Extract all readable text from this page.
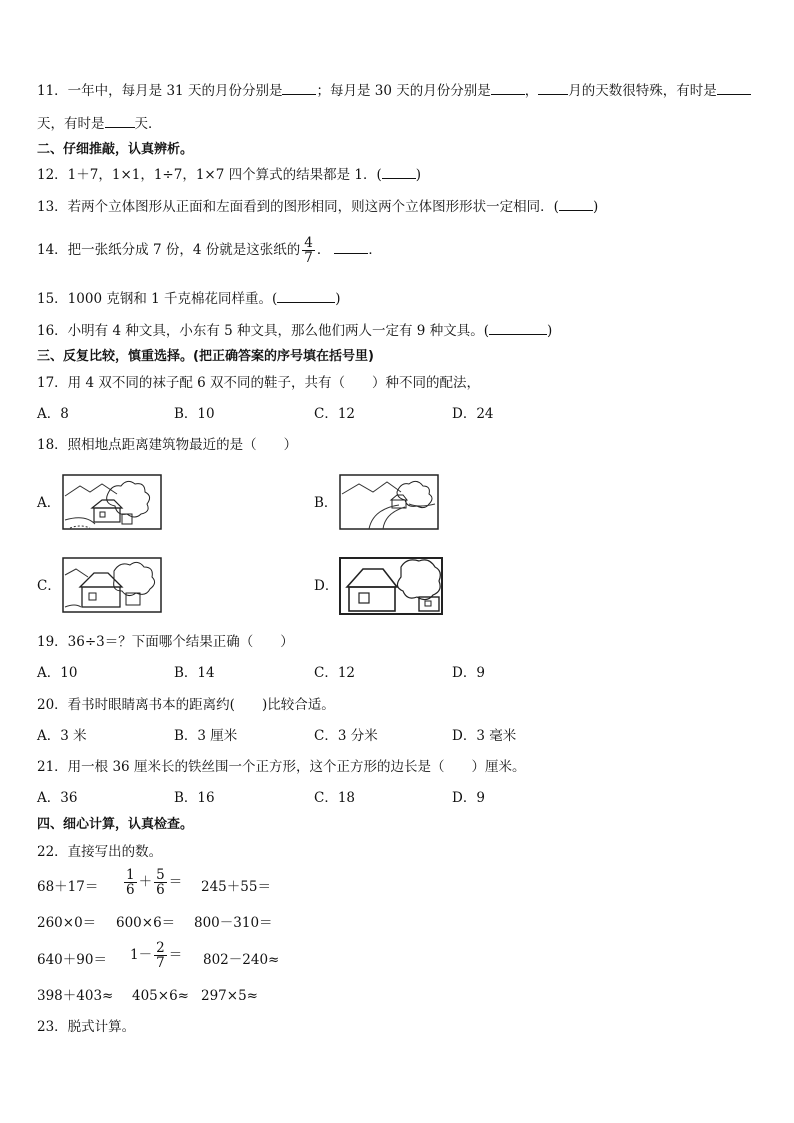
11．一年中，每月是 31 天的月份分别是	；每月是 30 天的月份分别是	， 月的天数很特殊，有时是
天，有时是 天．
二、仔细推敲，认真辨析。
12．1＋7，1×1，1÷7，1×7 四个算式的结果都是 1．(	)
13．若两个立体图形从正面和左面看到的图形相同，则这两个立体图形形状一定相同．(	)
14．把一张纸分成 7 份，4 份就是这张纸的 $\frac{4}{7}$ ．	．
15．1000 克钢和 1 千克棉花同样重。(	)
16．小明有 4 种文具，小东有 5 种文具，那么他们两人一定有 9 种文具。(	)
三、反复比较，慎重选择。(把正确答案的序号填在括号里)
17．用 4 双不同的袜子配 6 双不同的鞋子，共有（　　）种不同的配法，
A．8	B．10	C．12	D．24
18．照相地点距离建筑物最近的是（　　）
A．	B．
C．	D．
19．36÷3＝？下面哪个结果正确（　　）
A．10	B．14	C．12	D．9
20．看书时眼睛离书本的距离约(　　)比较合适。
A．3 米	B．3 厘米	C．3 分米	D．3 毫米
21．用一根 36 厘米长的铁丝围一个正方形，这个正方形的边长是（　　）厘米。
A．36	B．16	C．18	D．9
四、细心计算，认真检查。
22．直接写出的数。
$68+17= \frac{1}{6} + \frac{5}{6} = 245+55=$
260×0＝ 600×6＝ 800－310＝
$640+90= 1- \frac{2}{7} = 802-240\approx$
398＋403≈ 405×6≈ 297×5≈
23．脱式计算。
